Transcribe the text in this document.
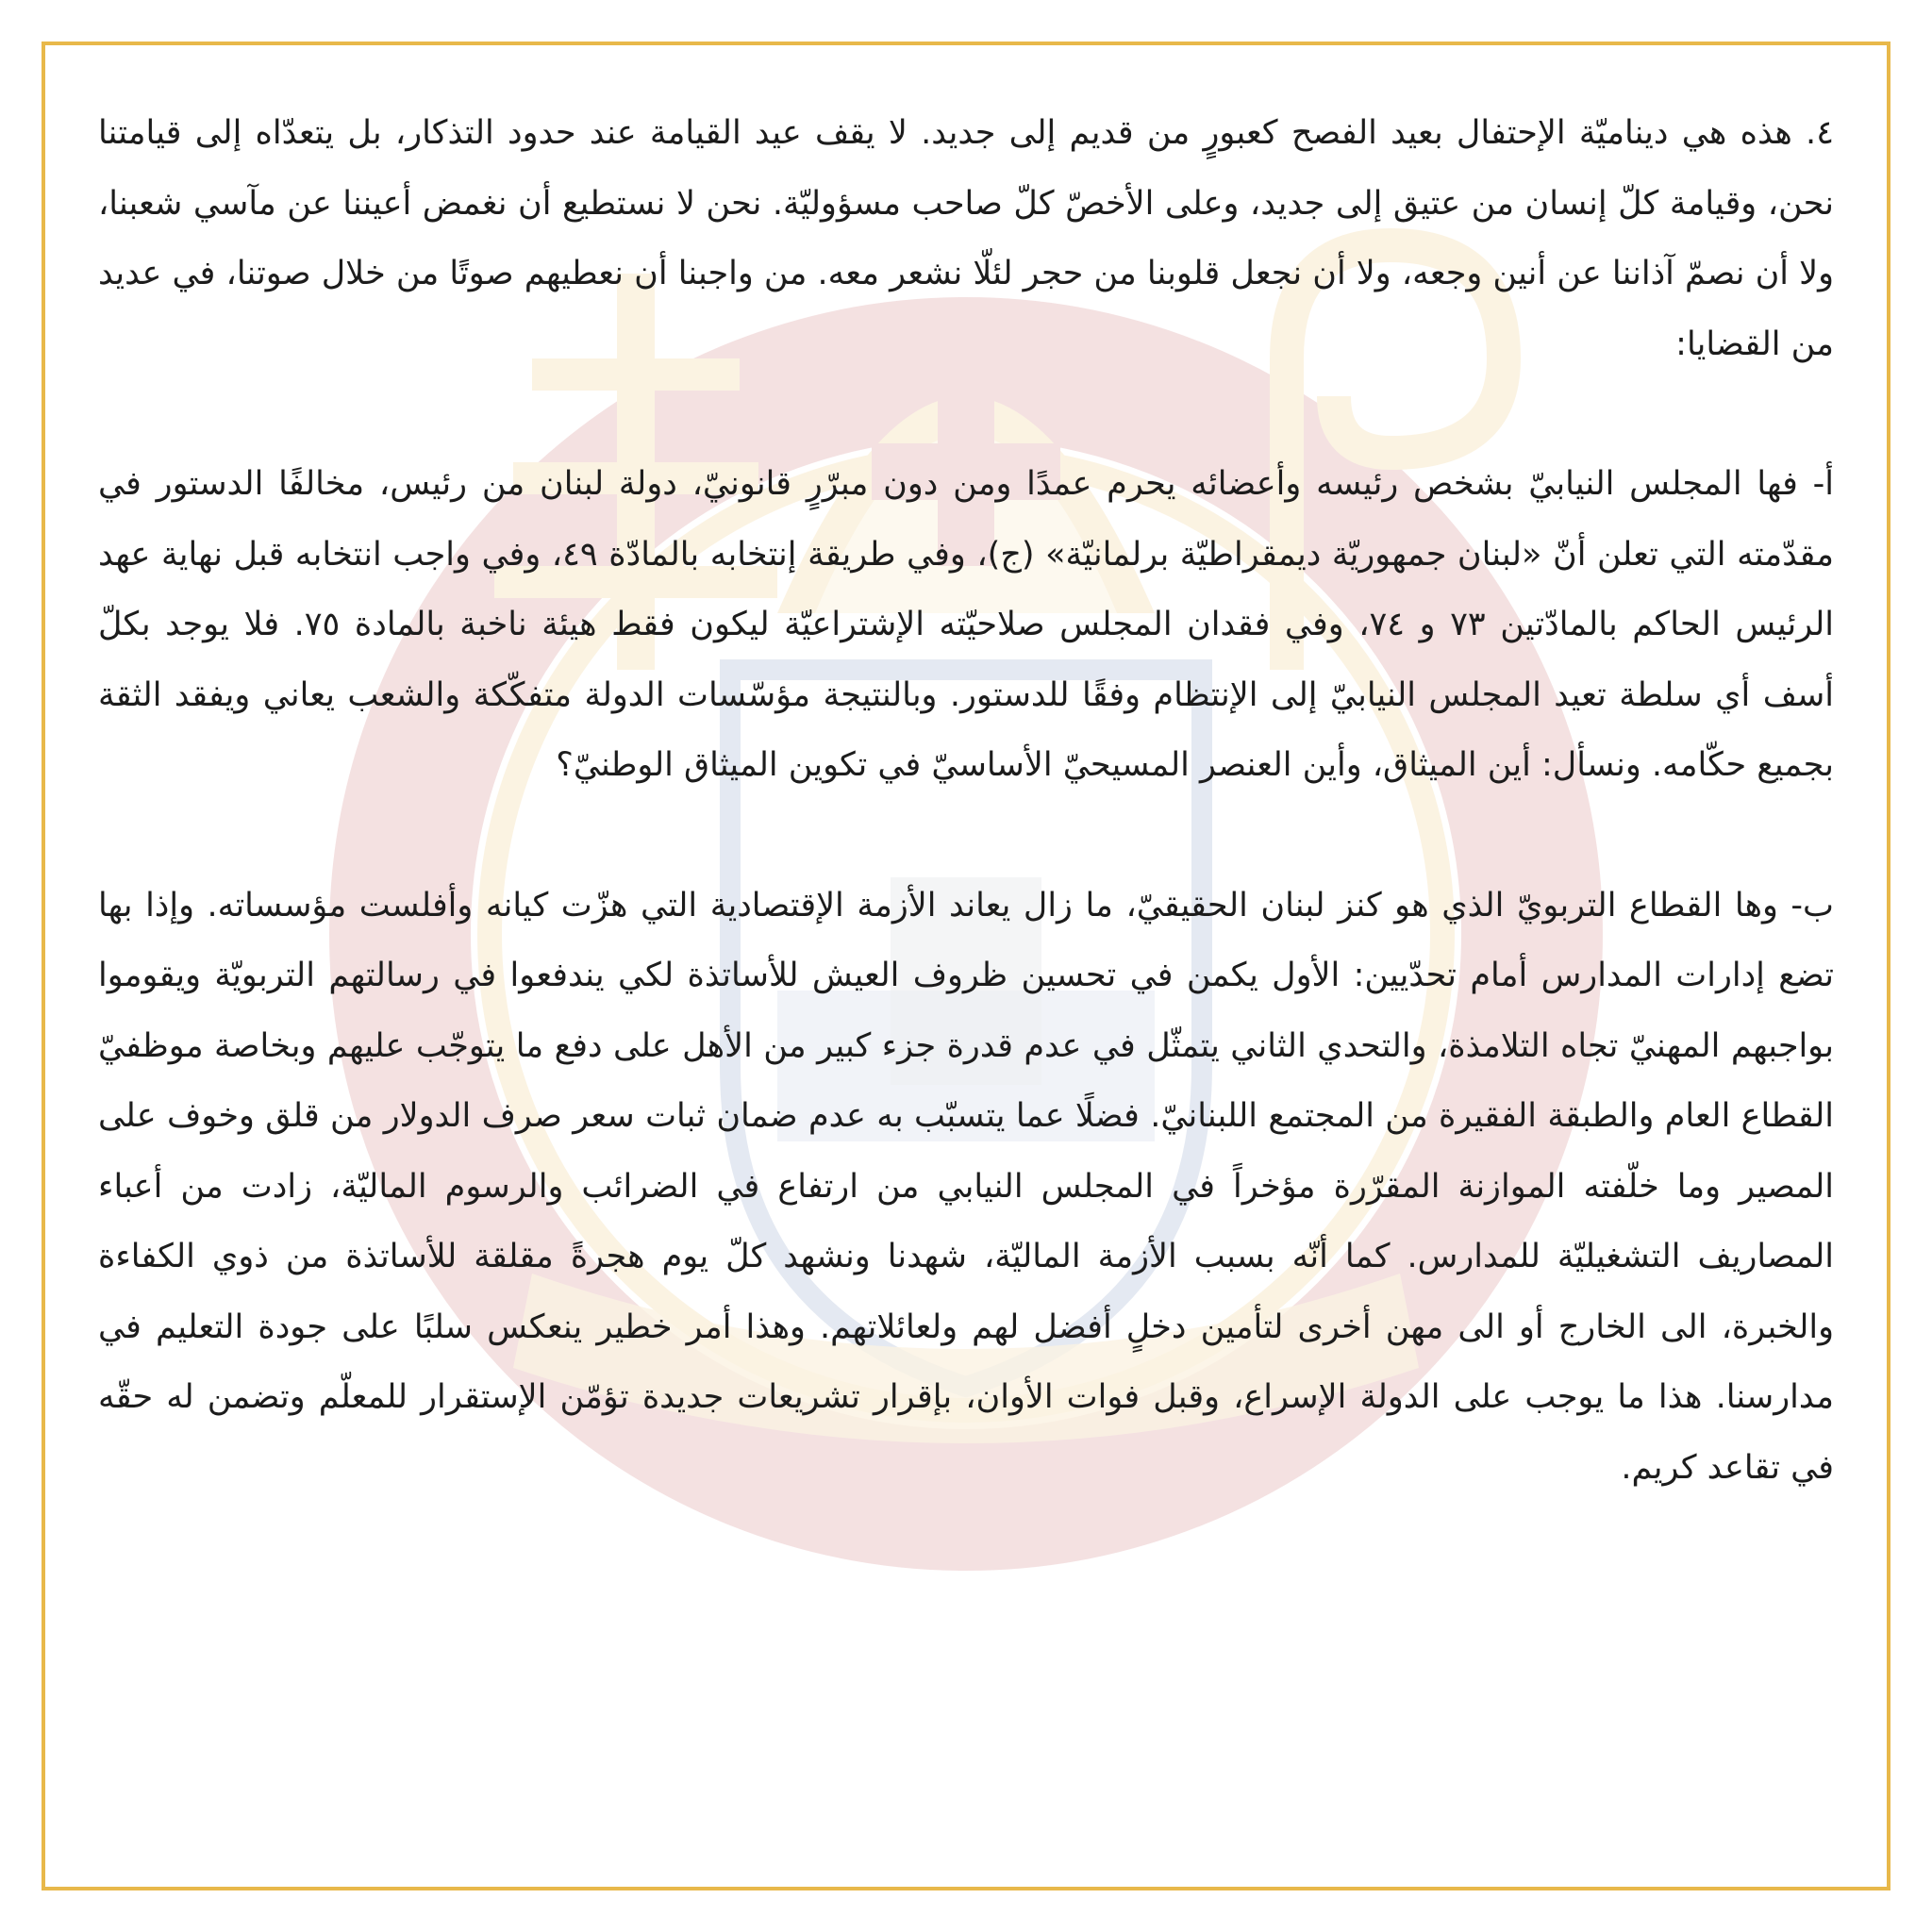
٤. هذه هي ديناميّة الإحتفال بعيد الفصح كعبورٍ من قديم إلى جديد. لا يقف عيد القيامة عند حدود التذكار، بل يتعدّاه إلى قيامتنا نحن، وقيامة كلّ إنسان من عتيق إلى جديد، وعلى الأخصّ كلّ صاحب مسؤوليّة. نحن لا نستطيع أن نغمض أعيننا عن مآسي شعبنا، ولا أن نصمّ آذاننا عن أنين وجعه، ولا أن نجعل قلوبنا من حجر لئلّا نشعر معه. من واجبنا أن نعطيهم صوتًا من خلال صوتنا، في عديد من القضايا:

أ- فها المجلس النيابيّ بشخص رئيسه وأعضائه يحرم عمدًا ومن دون مبرّرٍ قانونيّ، دولة لبنان من رئيس، مخالفًا الدستور في مقدّمته التي تعلن أنّ «لبنان جمهوريّة ديمقراطيّة برلمانيّة» (ج)، وفي طريقة إنتخابه بالمادّة ٤٩، وفي واجب انتخابه قبل نهاية عهد الرئيس الحاكم بالمادّتين ٧٣ و ٧٤، وفي فقدان المجلس صلاحيّته الإشتراعيّة ليكون فقط هيئة ناخبة بالمادة ٧٥. فلا يوجد بكلّ أسف أي سلطة تعيد المجلس النيابيّ إلى الإنتظام وفقًا للدستور. وبالنتيجة مؤسّسات الدولة متفكّكة والشعب يعاني ويفقد الثقة بجميع حكّامه. ونسأل: أين الميثاق، وأين العنصر المسيحيّ الأساسيّ في تكوين الميثاق الوطنيّ؟

ب- وها القطاع التربويّ الذي هو كنز لبنان الحقيقيّ، ما زال يعاند الأزمة الإقتصادية التي هزّت كيانه وأفلست مؤسساته. وإذا بها تضع إدارات المدارس أمام تحدّيين: الأول يكمن في تحسين ظروف العيش للأساتذة لكي يندفعوا في رسالتهم التربويّة ويقوموا بواجبهم المهنيّ تجاه التلامذة، والتحدي الثاني يتمثّل في عدم قدرة جزء كبير من الأهل على دفع ما يتوجّب عليهم وبخاصة موظفيّ القطاع العام والطبقة الفقيرة من المجتمع اللبنانيّ. فضلًا عما يتسبّب به عدم ضمان ثبات سعر صرف الدولار من قلق وخوف على المصير وما خلّفته الموازنة المقرّرة مؤخراً في المجلس النيابي من ارتفاع في الضرائب والرسوم الماليّة، زادت من أعباء المصاريف التشغيليّة للمدارس. كما أنّه بسبب الأزمة الماليّة، شهدنا ونشهد كلّ يوم هجرةً مقلقة للأساتذة من ذوي الكفاءة والخبرة، الى الخارج أو الى مهن أخرى لتأمين دخلٍ أفضل لهم ولعائلاتهم. وهذا أمر خطير ينعكس سلبًا على جودة التعليم في مدارسنا. هذا ما يوجب على الدولة الإسراع، وقبل فوات الأوان، بإقرار تشريعات جديدة تؤمّن الإستقرار للمعلّم وتضمن له حقّه في تقاعد كريم.
